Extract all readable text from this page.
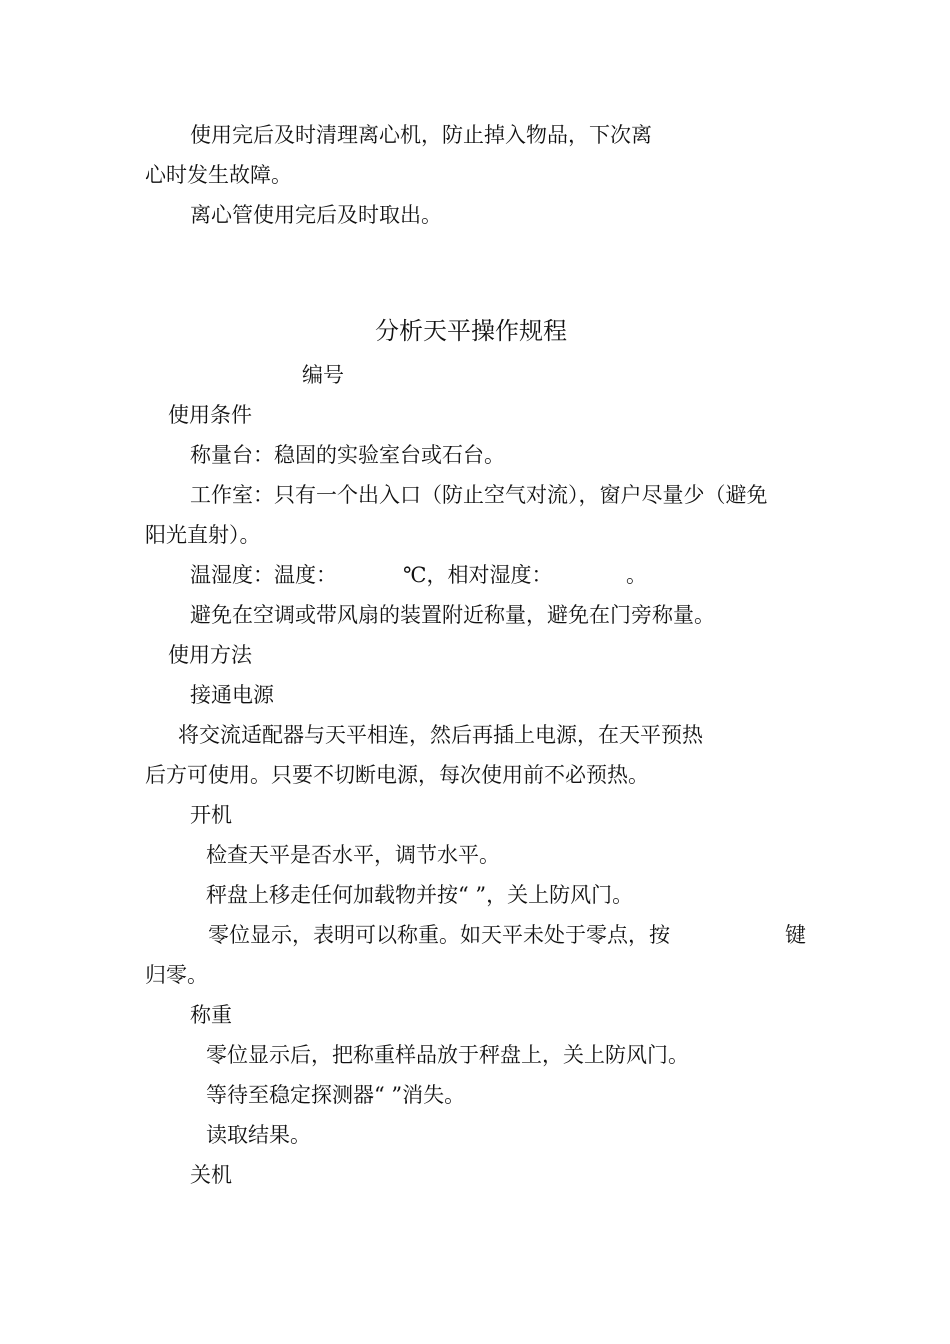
使用完后及时清理离心机，防止掉入物品，下次离

心时发生故障。

离心管使用完后及时取出。

分析天平操作规程

编号

使用条件

称量台：稳固的实验室台或石台。

工作室：只有一个出入口（防止空气对流），窗户尽量少（避免

阳光直射）。

温湿度：温度：	℃，相对湿度：	。

避免在空调或带风扇的装置附近称量，避免在门旁称量。

使用方法

接通电源

将交流适配器与天平相连，然后再插上电源，在天平预热

后方可使用。只要不切断电源，每次使用前不必预热。

开机

检查天平是否水平，调节水平。

秤盘上移走任何加载物并按“ ”，关上防风门。

零位显示，表明可以称重。如天平未处于零点，按	键

归零。

称重

零位显示后，把称重样品放于秤盘上，关上防风门。

等待至稳定探测器“ ”消失。

读取结果。

关机
